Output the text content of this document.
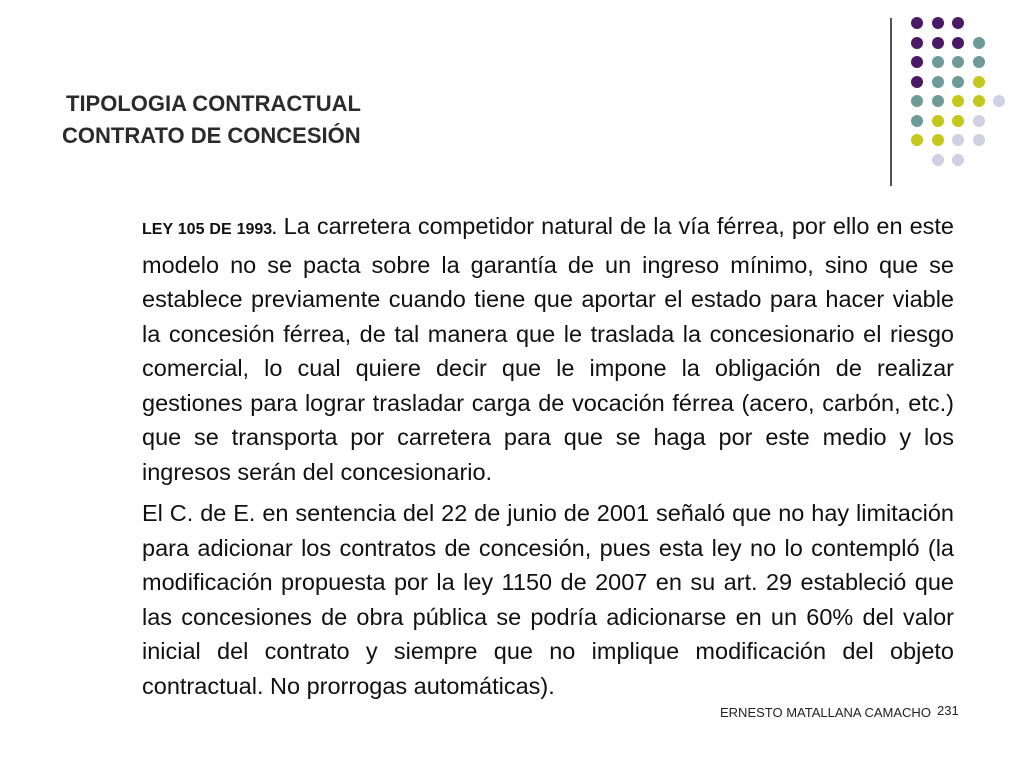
TIPOLOGIA CONTRACTUAL
CONTRATO DE CONCESIÓN

LEY 105 DE 1993. La carretera competidor natural de la vía férrea, por ello en este modelo no se pacta sobre la garantía de un ingreso mínimo, sino que se establece previamente cuando tiene que aportar el estado para hacer viable la concesión férrea, de tal manera que le traslada la concesionario el riesgo comercial, lo cual quiere decir que le impone la obligación de realizar gestiones para lograr trasladar carga de vocación férrea (acero, carbón, etc.) que se transporta por carretera para que se haga por este medio y los ingresos serán del concesionario.

El C. de E. en sentencia del 22 de junio de 2001 señaló que no hay limitación para adicionar los contratos de concesión, pues esta ley no lo contempló (la modificación propuesta por la ley 1150 de 2007 en su art. 29 estableció que las concesiones de obra pública se podría adicionarse en un 60% del valor inicial del contrato y siempre que no implique modificación del objeto contractual. No prorrogas automáticas).

ERNESTO MATALLANA CAMACHO 231
